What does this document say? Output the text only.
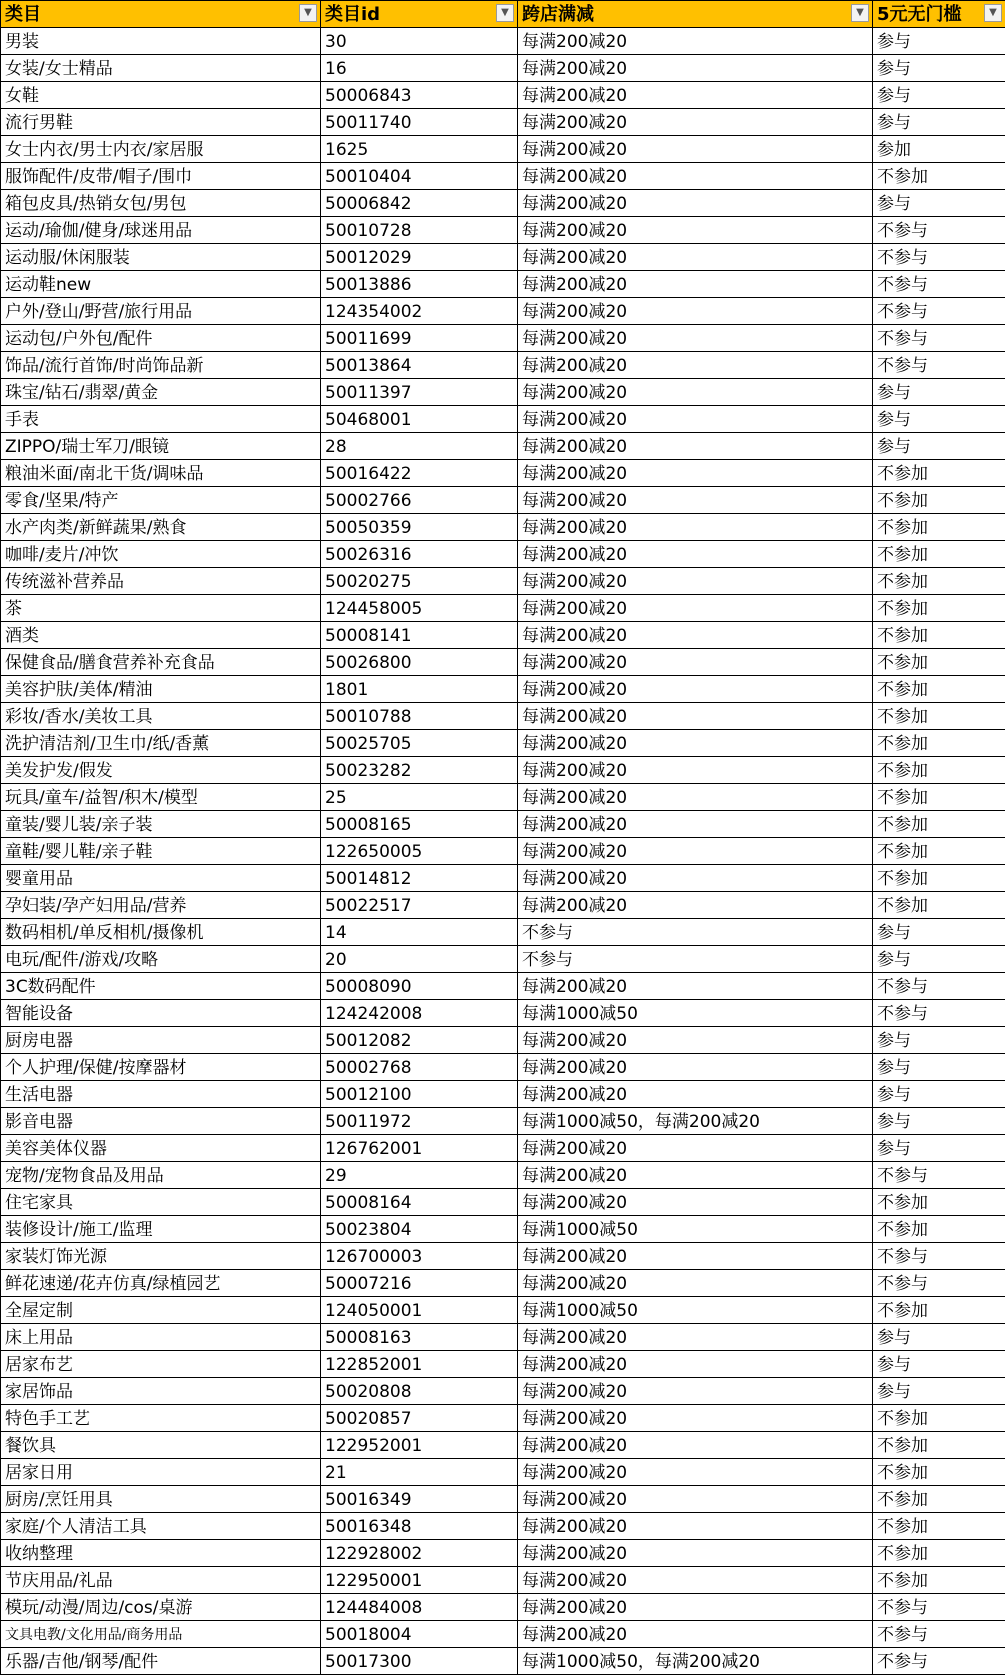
类目 ▼	类目id ▼	跨店满减 ▼	5元无门槛 ▼

男装	30	每满200减20	参与
女装/女士精品	16	每满200减20	参与
女鞋	50006843	每满200减20	参与
流行男鞋	50011740	每满200减20	参与
女士内衣/男士内衣/家居服	1625	每满200减20	参加
服饰配件/皮带/帽子/围巾	50010404	每满200减20	不参加
箱包皮具/热销女包/男包	50006842	每满200减20	参与
运动/瑜伽/健身/球迷用品	50010728	每满200减20	不参与
运动服/休闲服装	50012029	每满200减20	不参与
运动鞋new	50013886	每满200减20	不参与
户外/登山/野营/旅行用品	124354002	每满200减20	不参与
运动包/户外包/配件	50011699	每满200减20	不参与
饰品/流行首饰/时尚饰品新	50013864	每满200减20	不参与
珠宝/钻石/翡翠/黄金	50011397	每满200减20	参与
手表	50468001	每满200减20	参与
ZIPPO/瑞士军刀/眼镜	28	每满200减20	参与
粮油米面/南北干货/调味品	50016422	每满200减20	不参加
零食/坚果/特产	50002766	每满200减20	不参加
水产肉类/新鲜蔬果/熟食	50050359	每满200减20	不参加
咖啡/麦片/冲饮	50026316	每满200减20	不参加
传统滋补营养品	50020275	每满200减20	不参加
茶	124458005	每满200减20	不参加
酒类	50008141	每满200减20	不参加
保健食品/膳食营养补充食品	50026800	每满200减20	不参加
美容护肤/美体/精油	1801	每满200减20	不参加
彩妆/香水/美妆工具	50010788	每满200减20	不参加
洗护清洁剂/卫生巾/纸/香薰	50025705	每满200减20	不参加
美发护发/假发	50023282	每满200减20	不参加
玩具/童车/益智/积木/模型	25	每满200减20	不参加
童装/婴儿装/亲子装	50008165	每满200减20	不参加
童鞋/婴儿鞋/亲子鞋	122650005	每满200减20	不参加
婴童用品	50014812	每满200减20	不参加
孕妇装/孕产妇用品/营养	50022517	每满200减20	不参加
数码相机/单反相机/摄像机	14	不参与	参与
电玩/配件/游戏/攻略	20	不参与	参与
3C数码配件	50008090	每满200减20	不参与
智能设备	124242008	每满1000减50	不参与
厨房电器	50012082	每满200减20	参与
个人护理/保健/按摩器材	50002768	每满200减20	参与
生活电器	50012100	每满200减20	参与
影音电器	50011972	每满1000减50，每满200减20	参与
美容美体仪器	126762001	每满200减20	参与
宠物/宠物食品及用品	29	每满200减20	不参与
住宅家具	50008164	每满200减20	不参加
装修设计/施工/监理	50023804	每满1000减50	不参加
家装灯饰光源	126700003	每满200减20	不参与
鲜花速递/花卉仿真/绿植园艺	50007216	每满200减20	不参与
全屋定制	124050001	每满1000减50	不参加
床上用品	50008163	每满200减20	参与
居家布艺	122852001	每满200减20	参与
家居饰品	50020808	每满200减20	参与
特色手工艺	50020857	每满200减20	不参加
餐饮具	122952001	每满200减20	不参加
居家日用	21	每满200减20	不参加
厨房/烹饪用具	50016349	每满200减20	不参加
家庭/个人清洁工具	50016348	每满200减20	不参加
收纳整理	122928002	每满200减20	不参加
节庆用品/礼品	122950001	每满200减20	不参加
模玩/动漫/周边/cos/桌游	124484008	每满200减20	不参与
文具电教/文化用品/商务用品	50018004	每满200减20	不参与
乐器/吉他/钢琴/配件	50017300	每满1000减50，每满200减20	不参与
